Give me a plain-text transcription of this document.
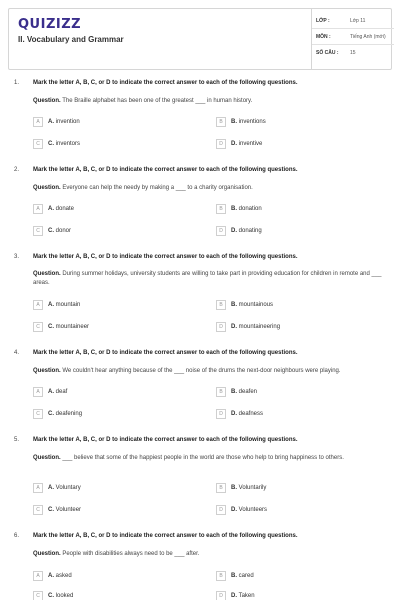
QUIZIZZ
II. Vocabulary and Grammar
LỚP :	Lớp 11
MÔN :	Tiếng Anh (mới)
SỐ CÂU : 15
1. Mark the letter A, B, C, or D to indicate the correct answer to each of the following questions.
Question. The Braille alphabet has been one of the greatest ___ in human history.
A	A. invention	B	B. inventions
C	C. inventors	D	D. inventive
2. Mark the letter A, B, C, or D to indicate the correct answer to each of the following questions.
Question. Everyone can help the needy by making a ___ to a charity organisation.
A	A. donate	B	B. donation
C	C. donor	D	D. donating
3. Mark the letter A, B, C, or D to indicate the correct answer to each of the following questions.
Question. During summer holidays, university students are willing to take part in providing education for children in remote and ___ areas.
A	A. mountain	B	B. mountainous
C	C. mountaineer	D	D. mountaineering
4. Mark the letter A, B, C, or D to indicate the correct answer to each of the following questions.
Question. We couldn't hear anything because of the ___ noise of the drums the next-door neighbours were playing.
A	A. deaf	B	B. deafen
C	C. deafening	D	D. deafness
5. Mark the letter A, B, C, or D to indicate the correct answer to each of the following questions.
Question. ___ believe that some of the happiest people in the world are those who help to bring happiness to others.
A	A. Voluntary	B	B. Voluntarily
C	C. Volunteer	D	D. Volunteers
6. Mark the letter A, B, C, or D to indicate the correct answer to each of the following questions.
Question. People with disabilities always need to be ___ after.
A	A. asked	B	B. cared
C	C. looked	D	D. Taken
